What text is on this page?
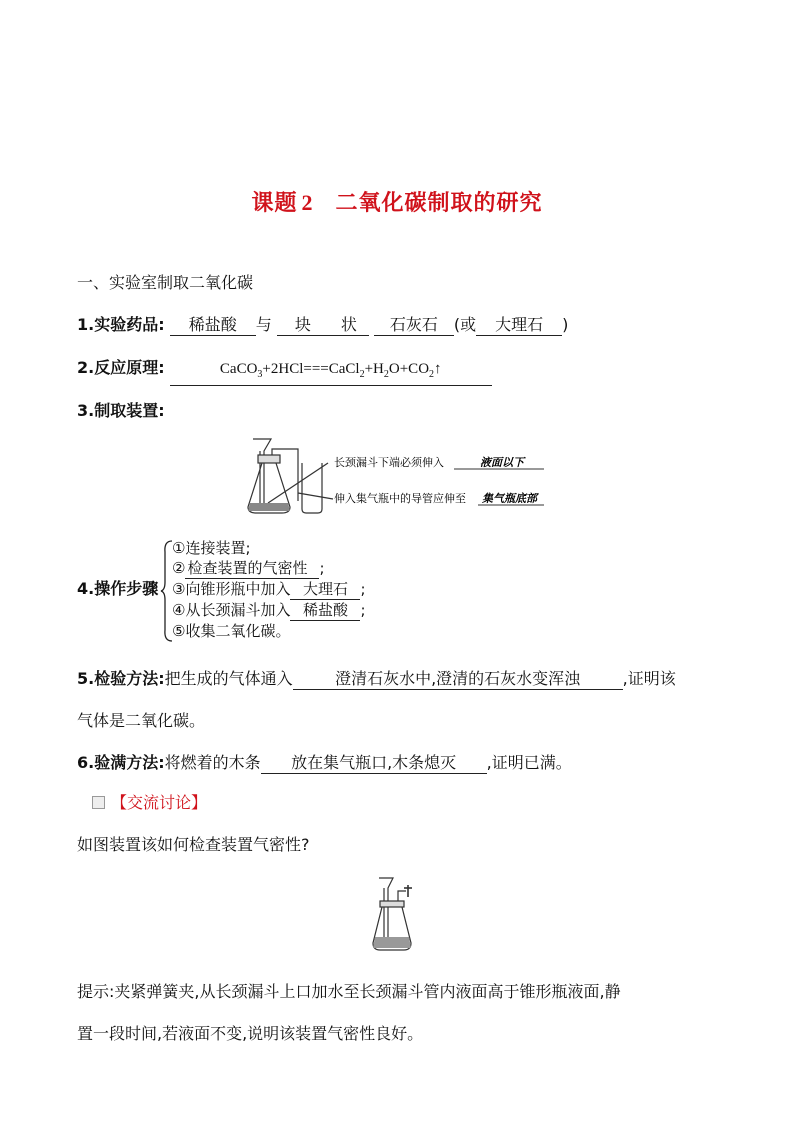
课题 2 二氧化碳制取的研究
一、实验室制取二氧化碳
1.实验药品: 稀盐酸 与 块 状 石灰石 (或 大理石 )
2.反应原理:	$CaCO_3+2HCl===CaCl_2+H_2O+CO_2↑$
3.制取装置:
长颈漏斗下端必须伸入	液面以下
伸入集气瓶中的导管应伸至 集气瓶底部
4.操作步骤
①连接装置;
② 检查装置的气密性 ;
③向锥形瓶中加入 大理石 ;
④从长颈漏斗加入 稀盐酸 ;
⑤收集二氧化碳。
5.检验方法:把生成的气体通入	澄清石灰水中,澄清的石灰水变浑浊	,证明该
气体是二氧化碳。
6.验满方法:将燃着的木条 放在集气瓶口,木条熄灭 ,证明已满。
【交流讨论】
如图装置该如何检查装置气密性?
提示:夹紧弹簧夹,从长颈漏斗上口加水至长颈漏斗管内液面高于锥形瓶液面,静
置一段时间,若液面不变,说明该装置气密性良好。
